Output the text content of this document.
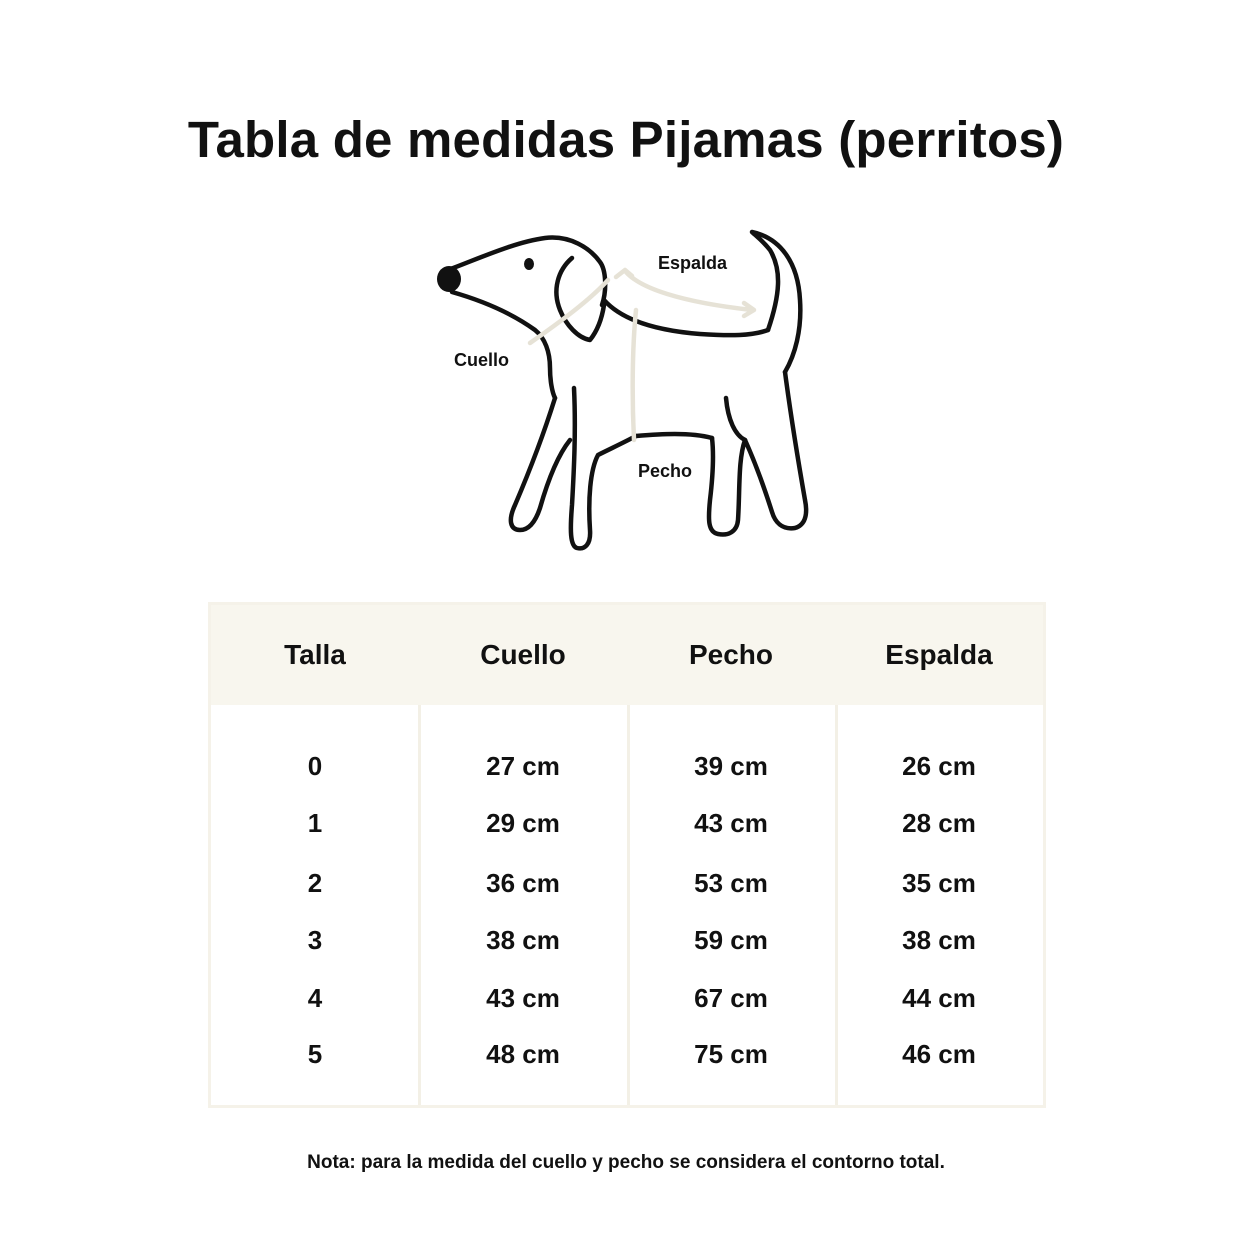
Tabla de medidas Pijamas (perritos)
Espalda
Cuello
Pecho
Talla	Cuello	Pecho	Espalda
0	27 cm	39 cm	26 cm
1	29 cm	43 cm	28 cm
2	36 cm	53 cm	35 cm
3	38 cm	59 cm	38 cm
4	43 cm	67 cm	44 cm
5	48 cm	75 cm	46 cm
Nota: para la medida del cuello y pecho se considera el contorno total.
